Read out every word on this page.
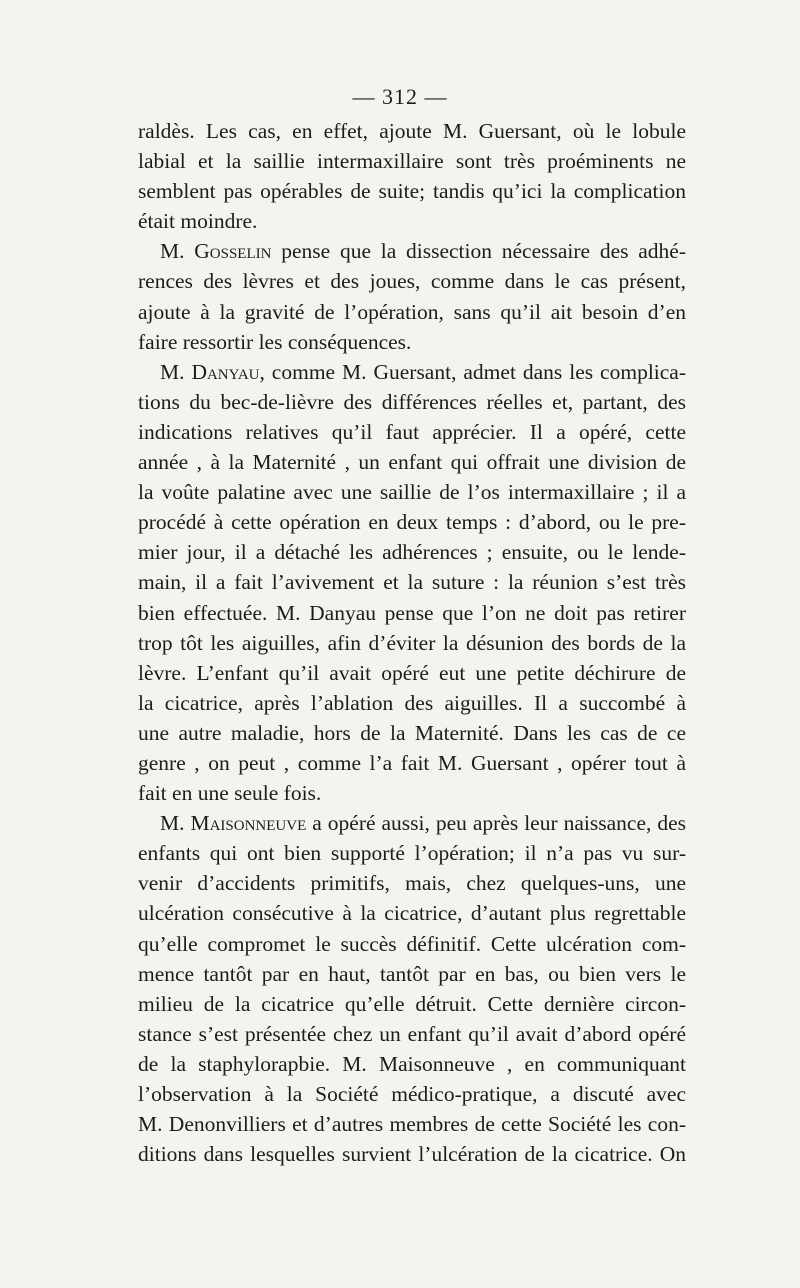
— 312 —
raldès. Les cas, en effet, ajoute M. Guersant, où le lobule
labial et la saillie intermaxillaire sont très proéminents ne
semblent pas opérables de suite; tandis qu’ici la complication
était moindre.
M. Gosselin pense que la dissection nécessaire des adhé-
rences des lèvres et des joues, comme dans le cas présent,
ajoute à la gravité de l’opération, sans qu’il ait besoin d’en
faire ressortir les conséquences.
M. Danyau, comme M. Guersant, admet dans les complica-
tions du bec-de-lièvre des différences réelles et, partant, des
indications relatives qu’il faut apprécier. Il a opéré, cette
année , à la Maternité , un enfant qui offrait une division de
la voûte palatine avec une saillie de l’os intermaxillaire ; il a
procédé à cette opération en deux temps : d’abord, ou le pre-
mier jour, il a détaché les adhérences ; ensuite, ou le lende-
main, il a fait l’avivement et la suture : la réunion s’est très
bien effectuée. M. Danyau pense que l’on ne doit pas retirer
trop tôt les aiguilles, afin d’éviter la désunion des bords de la
lèvre. L’enfant qu’il avait opéré eut une petite déchirure de
la cicatrice, après l’ablation des aiguilles. Il a succombé à
une autre maladie, hors de la Maternité. Dans les cas de ce
genre , on peut , comme l’a fait M. Guersant , opérer tout à
fait en une seule fois.
M. Maisonneuve a opéré aussi, peu après leur naissance, des
enfants qui ont bien supporté l’opération; il n’a pas vu sur-
venir d’accidents primitifs, mais, chez quelques-uns, une
ulcération consécutive à la cicatrice, d’autant plus regrettable
qu’elle compromet le succès définitif. Cette ulcération com-
mence tantôt par en haut, tantôt par en bas, ou bien vers le
milieu de la cicatrice qu’elle détruit. Cette dernière circon-
stance s’est présentée chez un enfant qu’il avait d’abord opéré
de la staphylorapbie. M. Maisonneuve , en communiquant
l’observation à la Société médico-pratique, a discuté avec
M. Denonvilliers et d’autres membres de cette Société les con-
ditions dans lesquelles survient l’ulcération de la cicatrice. On
